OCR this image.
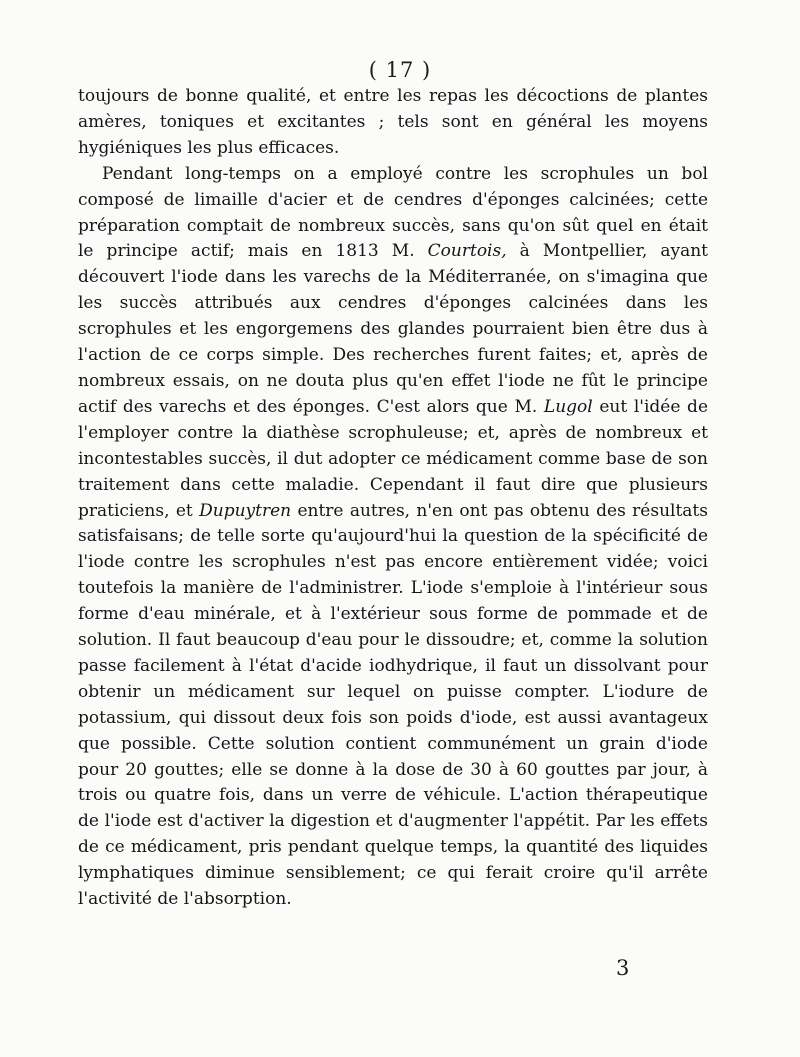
( 17 )

toujours de bonne qualité, et entre les repas les décoctions de plantes amères, toniques et excitantes ; tels sont en général les moyens hygiéniques les plus efficaces.

Pendant long-temps on a employé contre les scrophules un bol composé de limaille d'acier et de cendres d'éponges calcinées; cette préparation comptait de nombreux succès, sans qu'on sût quel en était le principe actif; mais en 1813 M. Courtois, à Montpellier, ayant découvert l'iode dans les varechs de la Méditerranée, on s'imagina que les succès attribués aux cendres d'éponges calcinées dans les scrophules et les engorgemens des glandes pourraient bien être dus à l'action de ce corps simple. Des recherches furent faites; et, après de nombreux essais, on ne douta plus qu'en effet l'iode ne fût le principe actif des varechs et des éponges. C'est alors que M. Lugol eut l'idée de l'employer contre la diathèse scrophuleuse; et, après de nombreux et incontestables succès, il dut adopter ce médicament comme base de son traitement dans cette maladie. Cependant il faut dire que plusieurs praticiens, et Dupuytren entre autres, n'en ont pas obtenu des résultats satisfaisans; de telle sorte qu'aujourd'hui la question de la spécificité de l'iode contre les scrophules n'est pas encore entièrement vidée; voici toutefois la manière de l'administrer. L'iode s'emploie à l'intérieur sous forme d'eau minérale, et à l'extérieur sous forme de pommade et de solution. Il faut beaucoup d'eau pour le dissoudre; et, comme la solution passe facilement à l'état d'acide iodhydrique, il faut un dissolvant pour obtenir un médicament sur lequel on puisse compter. L'iodure de potassium, qui dissout deux fois son poids d'iode, est aussi avantageux que possible. Cette solution contient communément un grain d'iode pour 20 gouttes; elle se donne à la dose de 30 à 60 gouttes par jour, à trois ou quatre fois, dans un verre de véhicule. L'action thérapeutique de l'iode est d'activer la digestion et d'augmenter l'appétit. Par les effets de ce médicament, pris pendant quelque temps, la quantité des liquides lymphatiques diminue sensiblement; ce qui ferait croire qu'il arrête l'activité de l'absorption.

3
